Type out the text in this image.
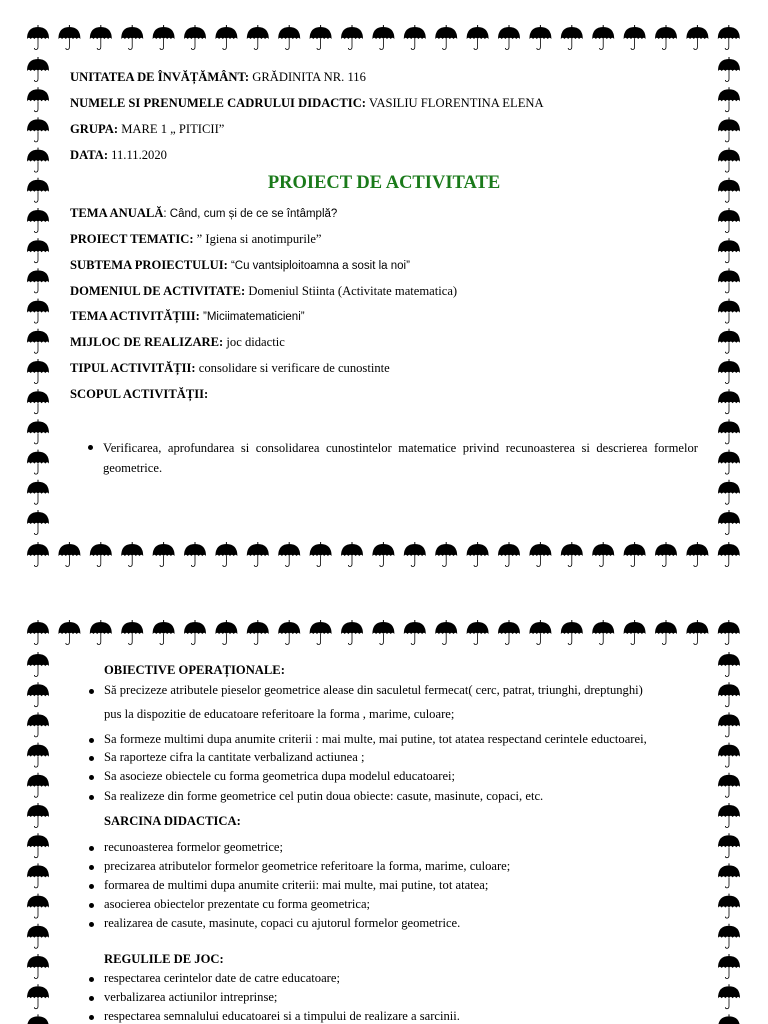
UNITATEA DE ÎNVĂȚĂMÂNT: GRĂDINITA NR. 116
NUMELE SI PRENUMELE CADRULUI DIDACTIC: VASILIU FLORENTINA ELENA
GRUPA: MARE 1 „ PITICII”
DATA: 11.11.2020
PROIECT DE ACTIVITATE
TEMA ANUALĂ: Când, cum și de ce se întâmplă?
PROIECT TEMATIC: ” Igiena si anotimpurile”
SUBTEMA PROIECTULUI: “Cu vantsiploitoamna a sosit la noi”
DOMENIUL DE ACTIVITATE: Domeniul Stiinta (Activitate matematica)
TEMA ACTIVITĂȚIII: ”Miciimatematicieni”
MIJLOC DE REALIZARE: joc didactic
TIPUL ACTIVITĂȚII: consolidare si verificare de cunostinte
SCOPUL ACTIVITĂȚII:
Verificarea, aprofundarea si consolidarea cunostintelor matematice privind recunoasterea si descrierea formelor geometrice.
OBIECTIVE OPERAȚIONALE:
Să precizeze atributele pieselor geometrice alease din saculetul fermecat( cerc, patrat, triunghi, dreptunghi)
pus la dispozitie de educatoare referitoare la forma , marime, culoare;
Sa formeze multimi dupa anumite criterii : mai multe, mai putine, tot atatea respectand cerintele eductoarei,
Sa raporteze cifra la cantitate verbalizand actiunea ;
Sa asocieze obiectele cu forma geometrica dupa modelul educatoarei;
Sa realizeze din forme geometrice cel putin doua obiecte: casute, masinute, copaci, etc.
SARCINA DIDACTICA:
recunoasterea formelor geometrice;
precizarea atributelor formelor geometrice referitoare la forma, marime, culoare;
formarea de multimi dupa anumite criterii: mai multe, mai putine, tot atatea;
asocierea obiectelor prezentate cu forma geometrica;
realizarea de casute, masinute, copaci cu ajutorul formelor geometrice.
REGULILE DE JOC:
respectarea cerintelor date de catre educatoare;
verbalizarea actiunilor intreprinse;
respectarea semnalului educatoarei si a timpului de realizare a sarcinii.
